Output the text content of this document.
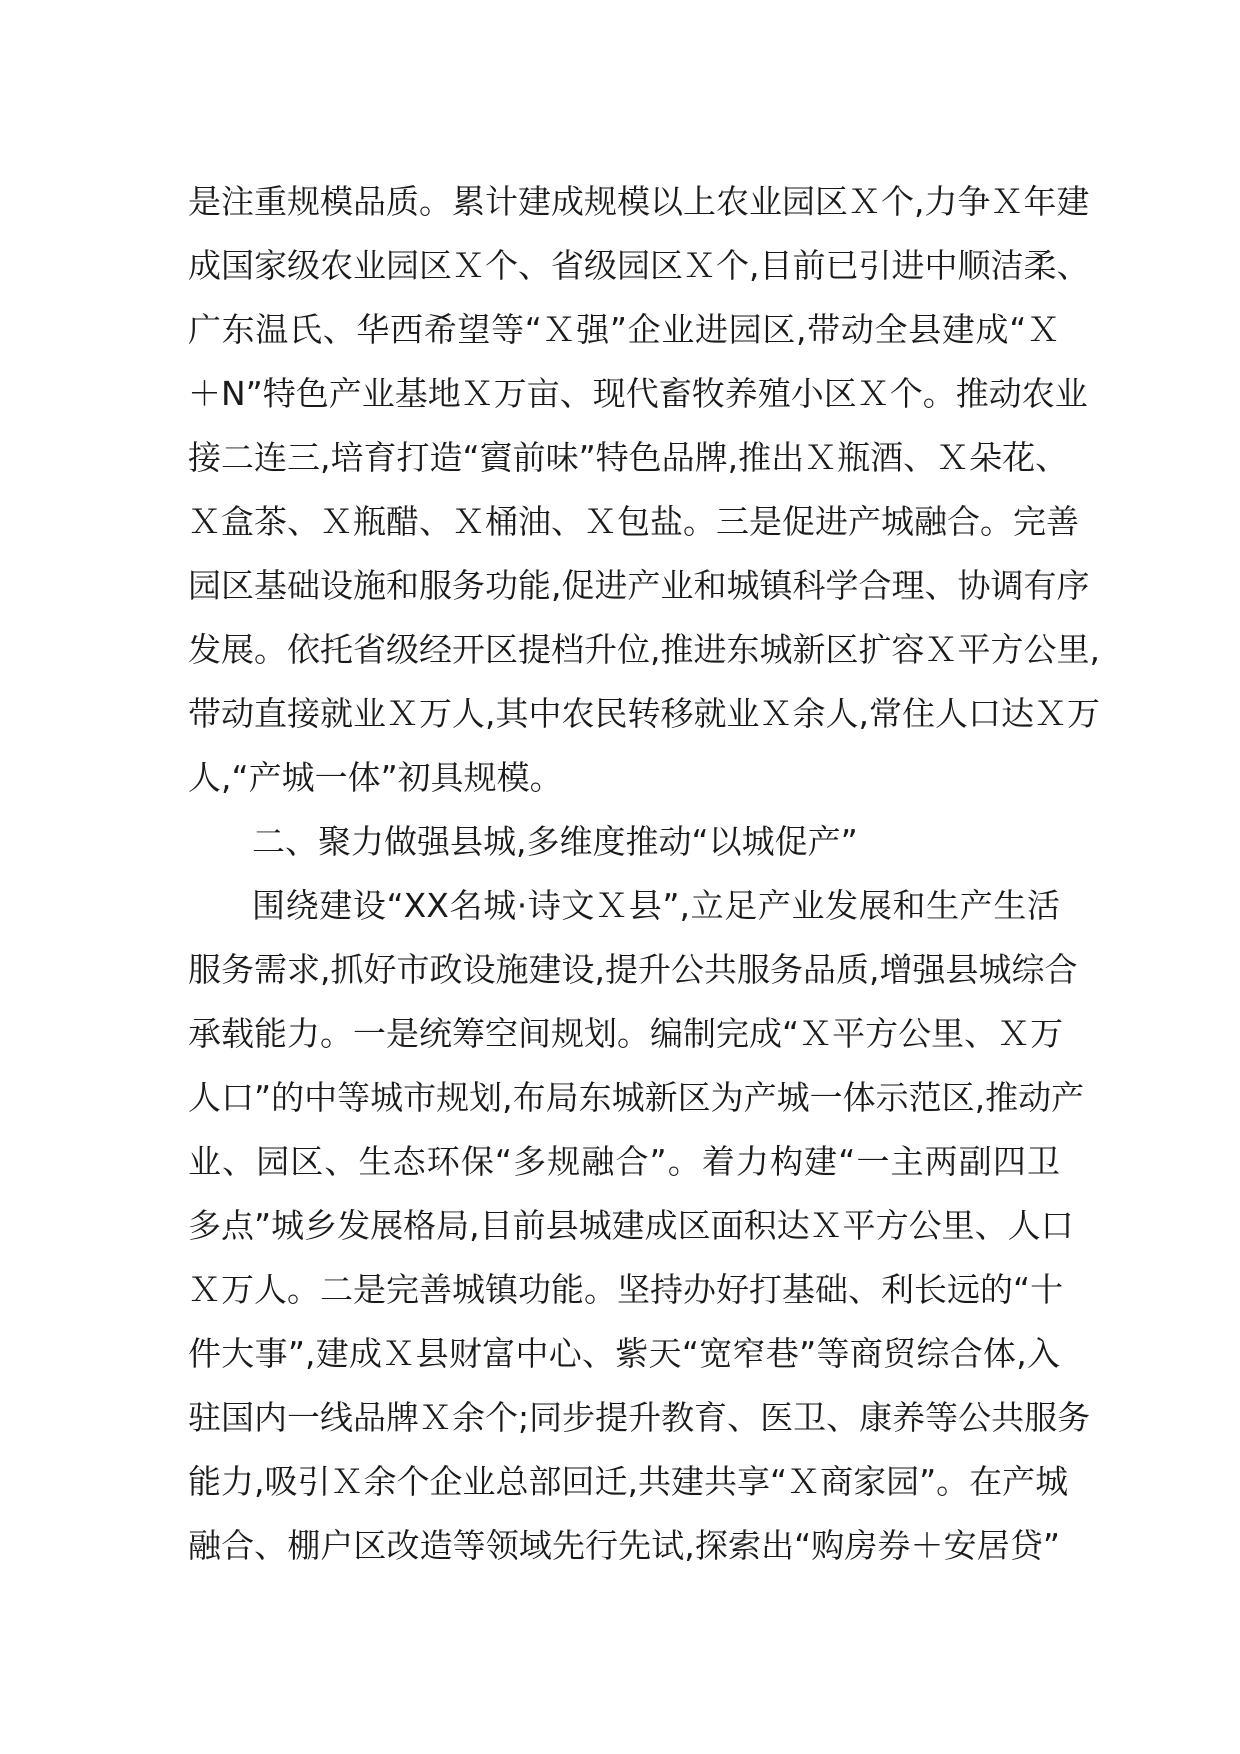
是注重规模品质。累计建成规模以上农业园区Ｘ个,力争Ｘ年建
成国家级农业园区Ｘ个、省级园区Ｘ个,目前已引进中顺洁柔、
广东温氏、华西希望等“Ｘ强”企业进园区,带动全县建成“Ｘ
＋N”特色产业基地Ｘ万亩、现代畜牧养殖小区Ｘ个。推动农业
接二连三,培育打造“賨前味”特色品牌,推出Ｘ瓶酒、Ｘ朵花、
Ｘ盒茶、Ｘ瓶醋、Ｘ桶油、Ｘ包盐。三是促进产城融合。完善
园区基础设施和服务功能,促进产业和城镇科学合理、协调有序
发展。依托省级经开区提档升位,推进东城新区扩容Ｘ平方公里,
带动直接就业Ｘ万人,其中农民转移就业Ｘ余人,常住人口达Ｘ万
人,“产城一体”初具规模。
二、聚力做强县城,多维度推动“以城促产”
围绕建设“XX名城·诗文Ｘ县”,立足产业发展和生产生活
服务需求,抓好市政设施建设,提升公共服务品质,增强县城综合
承载能力。一是统筹空间规划。编制完成“Ｘ平方公里、Ｘ万
人口”的中等城市规划,布局东城新区为产城一体示范区,推动产
业、园区、生态环保“多规融合”。着力构建“一主两副四卫
多点”城乡发展格局,目前县城建成区面积达Ｘ平方公里、人口
Ｘ万人。二是完善城镇功能。坚持办好打基础、利长远的“十
件大事”,建成Ｘ县财富中心、紫天“宽窄巷”等商贸综合体,入
驻国内一线品牌Ｘ余个;同步提升教育、医卫、康养等公共服务
能力,吸引Ｘ余个企业总部回迁,共建共享“Ｘ商家园”。在产城
融合、棚户区改造等领域先行先试,探索出“购房券＋安居贷”
